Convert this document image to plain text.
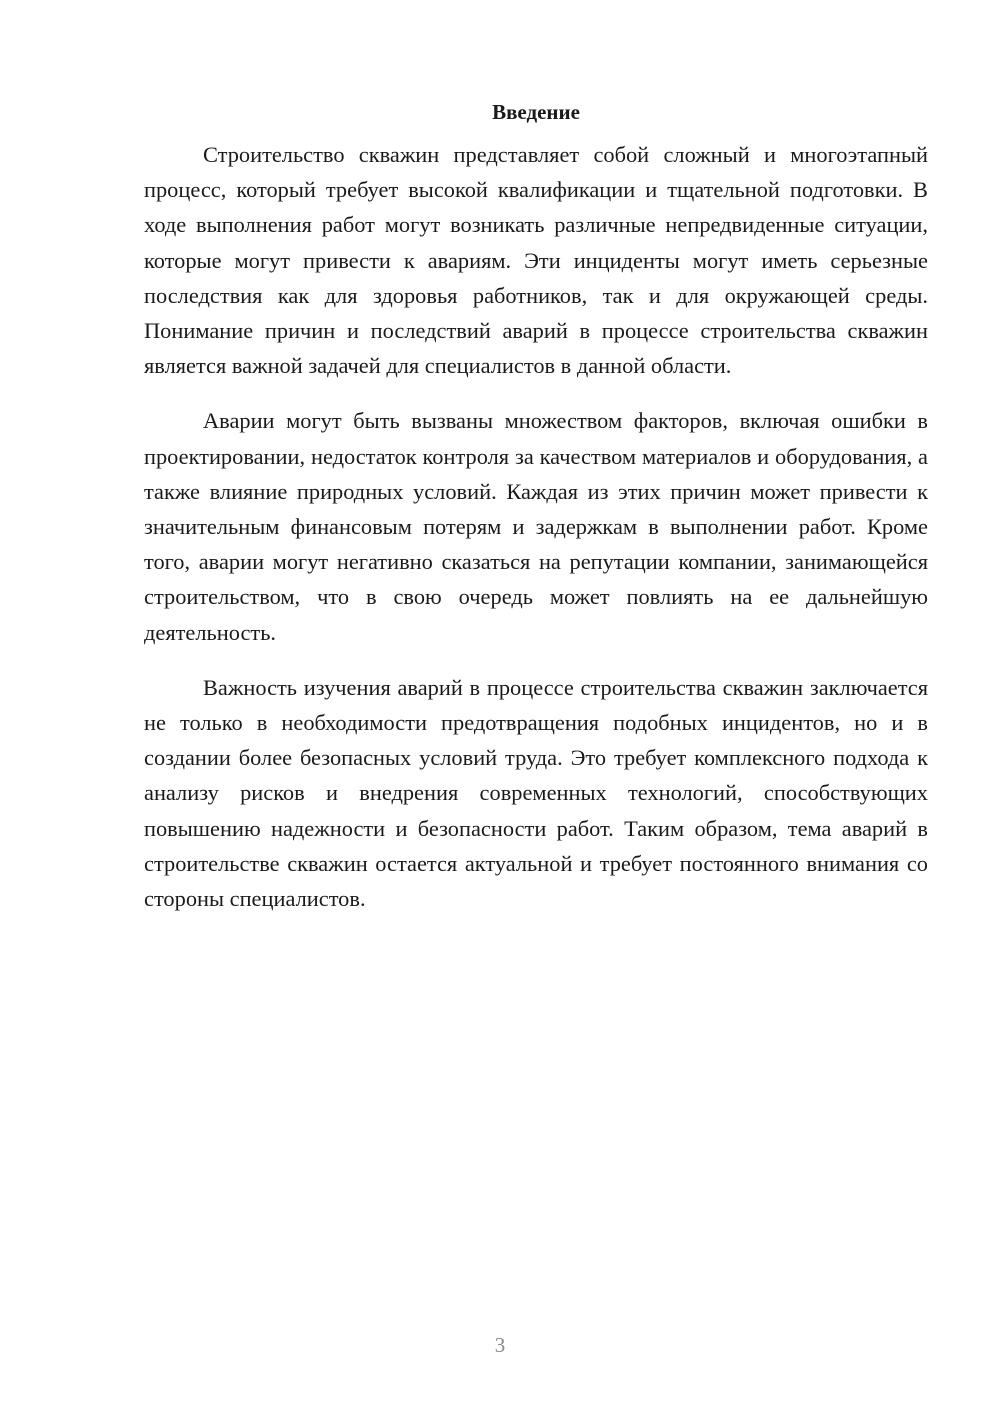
Введение

Строительство скважин представляет собой сложный и многоэтапный процесс, который требует высокой квалификации и тщательной подготовки. В ходе выполнения работ могут возникать различные непредвиденные ситуации, которые могут привести к авариям. Эти инциденты могут иметь серьезные последствия как для здоровья работников, так и для окружающей среды. Понимание причин и последствий аварий в процессе строительства скважин является важной задачей для специалистов в данной области.

Аварии могут быть вызваны множеством факторов, включая ошибки в проектировании, недостаток контроля за качеством материалов и оборудования, а также влияние природных условий. Каждая из этих причин может привести к значительным финансовым потерям и задержкам в выполнении работ. Кроме того, аварии могут негативно сказаться на репутации компании, занимающейся строительством, что в свою очередь может повлиять на ее дальнейшую деятельность.

Важность изучения аварий в процессе строительства скважин заключается не только в необходимости предотвращения подобных инцидентов, но и в создании более безопасных условий труда. Это требует комплексного подхода к анализу рисков и внедрения современных технологий, способствующих повышению надежности и безопасности работ. Таким образом, тема аварий в строительстве скважин остается актуальной и требует постоянного внимания со стороны специалистов.

3
